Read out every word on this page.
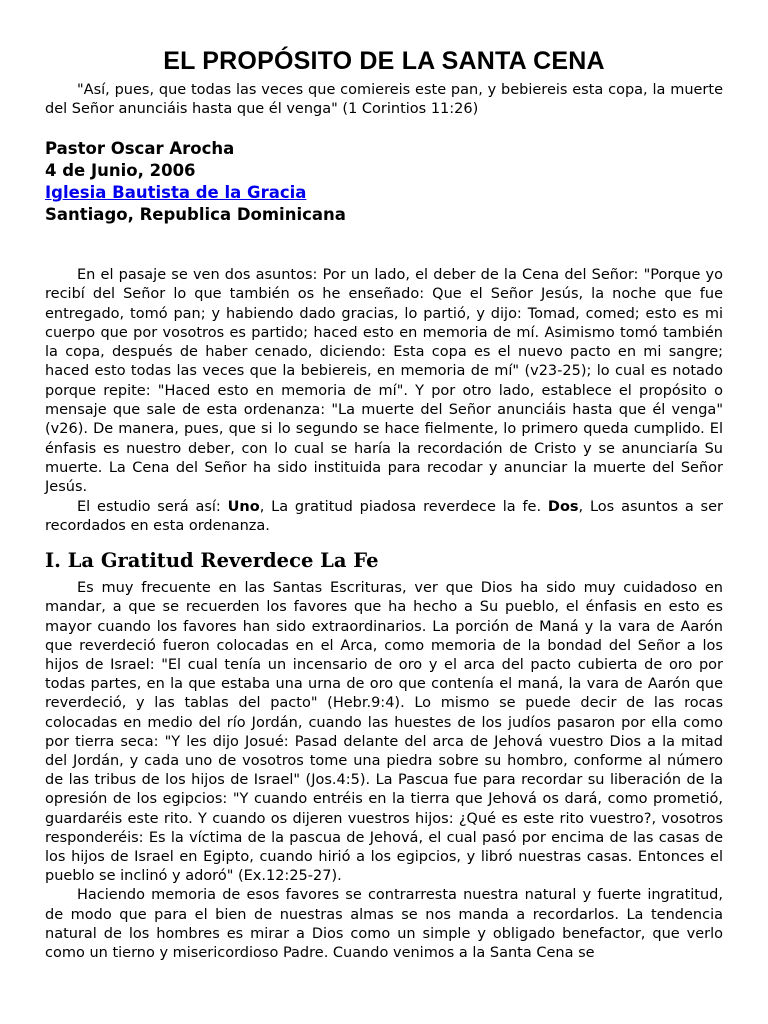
EL PROPÓSITO DE LA SANTA CENA

"Así, pues, que todas las veces que comiereis este pan, y bebiereis esta copa, la muerte del Señor anunciáis hasta que él venga" (1 Corintios 11:26)

Pastor Oscar Arocha
4 de Junio, 2006
Iglesia Bautista de la Gracia
Santiago, Republica Dominicana

En el pasaje se ven dos asuntos: Por un lado, el deber de la Cena del Señor: "Porque yo recibí del Señor lo que también os he enseñado: Que el Señor Jesús, la noche que fue entregado, tomó pan; y habiendo dado gracias, lo partió, y dijo: Tomad, comed; esto es mi cuerpo que por vosotros es partido; haced esto en memoria de mí. Asimismo tomó también la copa, después de haber cenado, diciendo: Esta copa es el nuevo pacto en mi sangre; haced esto todas las veces que la bebiereis, en memoria de mí" (v23-25); lo cual es notado porque repite: "Haced esto en memoria de mí". Y por otro lado, establece el propósito o mensaje que sale de esta ordenanza: "La muerte del Señor anunciáis hasta que él venga" (v26). De manera, pues, que si lo segundo se hace fielmente, lo primero queda cumplido. El énfasis es nuestro deber, con lo cual se haría la recordación de Cristo y se anunciaría Su muerte. La Cena del Señor ha sido instituida para recodar y anunciar la muerte del Señor Jesús.

El estudio será así: Uno, La gratitud piadosa reverdece la fe. Dos, Los asuntos a ser recordados en esta ordenanza.

I. La Gratitud Reverdece La Fe

Es muy frecuente en las Santas Escrituras, ver que Dios ha sido muy cuidadoso en mandar, a que se recuerden los favores que ha hecho a Su pueblo, el énfasis en esto es mayor cuando los favores han sido extraordinarios. La porción de Maná y la vara de Aarón que reverdeció fueron colocadas en el Arca, como memoria de la bondad del Señor a los hijos de Israel: "El cual tenía un incensario de oro y el arca del pacto cubierta de oro por todas partes, en la que estaba una urna de oro que contenía el maná, la vara de Aarón que reverdeció, y las tablas del pacto" (Hebr.9:4). Lo mismo se puede decir de las rocas colocadas en medio del río Jordán, cuando las huestes de los judíos pasaron por ella como por tierra seca: "Y les dijo Josué: Pasad delante del arca de Jehová vuestro Dios a la mitad del Jordán, y cada uno de vosotros tome una piedra sobre su hombro, conforme al número de las tribus de los hijos de Israel" (Jos.4:5). La Pascua fue para recordar su liberación de la opresión de los egipcios: "Y cuando entréis en la tierra que Jehová os dará, como prometió, guardaréis este rito. Y cuando os dijeren vuestros hijos: ¿Qué es este rito vuestro?, vosotros responderéis: Es la víctima de la pascua de Jehová, el cual pasó por encima de las casas de los hijos de Israel en Egipto, cuando hirió a los egipcios, y libró nuestras casas. Entonces el pueblo se inclinó y adoró" (Ex.12:25-27).

Haciendo memoria de esos favores se contrarresta nuestra natural y fuerte ingratitud, de modo que para el bien de nuestras almas se nos manda a recordarlos. La tendencia natural de los hombres es mirar a Dios como un simple y obligado benefactor, que verlo como un tierno y misericordioso Padre. Cuando venimos a la Santa Cena se
